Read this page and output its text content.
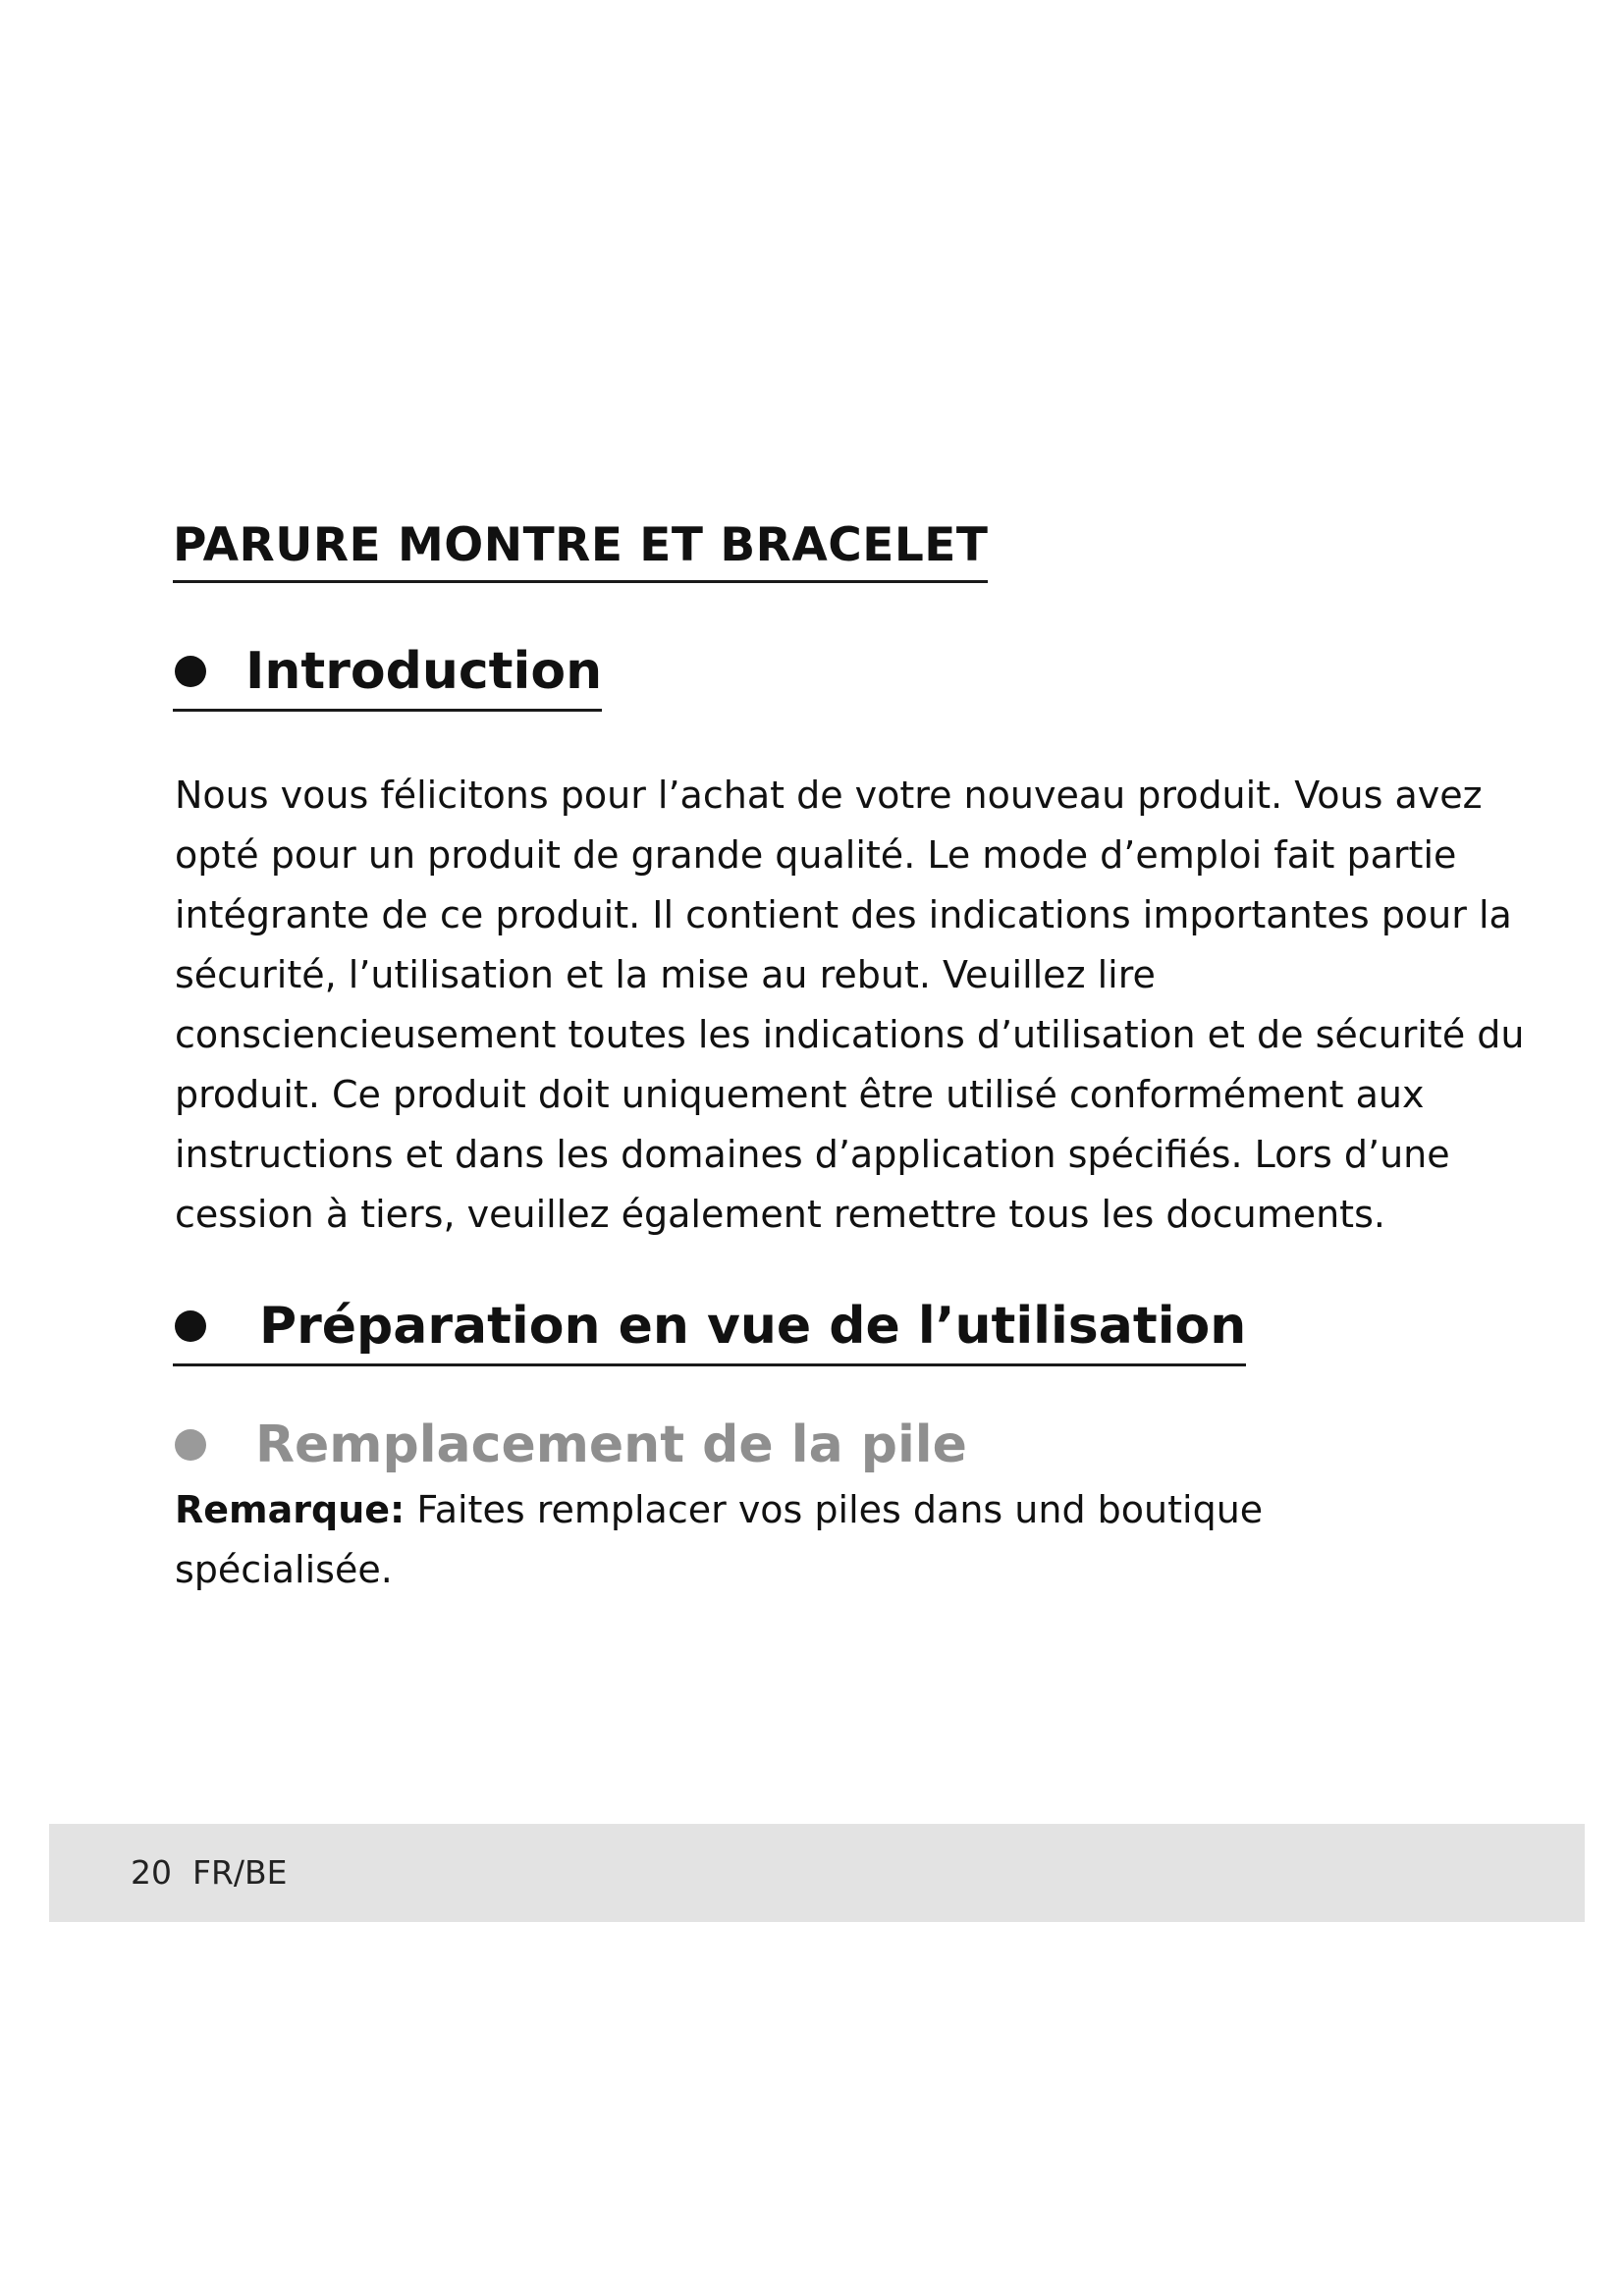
PARURE MONTRE ET BRACELET
Introduction

Nous vous félicitons pour l’achat de votre nouveau produit. Vous avez
opté pour un produit de grande qualité. Le mode d’emploi fait partie
intégrante de ce produit. Il contient des indications importantes pour la
sécurité, l’utilisation et la mise au rebut. Veuillez lire
consciencieusement toutes les indications d’utilisation et de sécurité du
produit. Ce produit doit uniquement être utilisé conformément aux
instructions et dans les domaines d’application spécifiés. Lors d’une
cession à tiers, veuillez également remettre tous les documents.

Préparation en vue de l’utilisation
Remplacement de la pile

Remarque: Faites remplacer vos piles dans und boutique
spécialisée.

20 FR/BE
